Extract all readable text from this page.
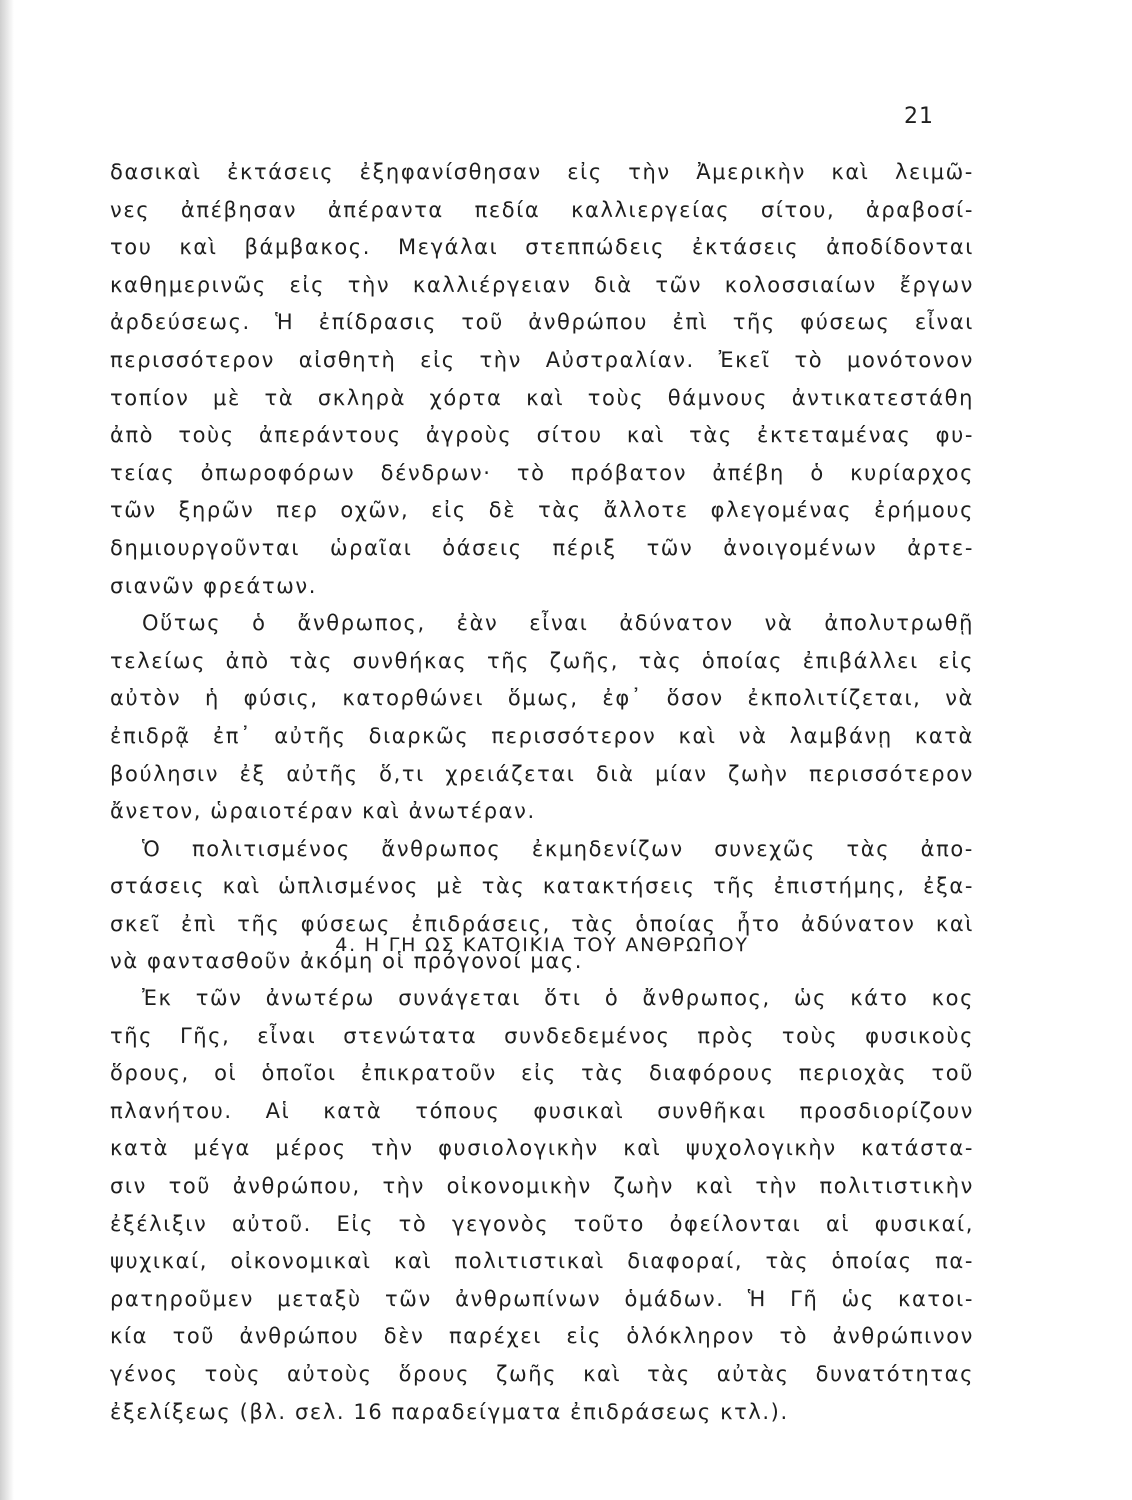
21
δασικαὶ ἐκτάσεις ἐξηφανίσθησαν εἰς τὴν Ἀμερικὴν καὶ λειμῶ-
νες ἀπέβησαν ἀπέραντα πεδία καλλιεργείας σίτου, ἀραβοσί-
του καὶ βάμβακος. Μεγάλαι στεππώδεις ἐκτάσεις ἀποδίδονται
καθημερινῶς εἰς τὴν καλλιέργειαν διὰ τῶν κολοσσιαίων ἔργων
ἀρδεύσεως. Ἡ ἐπίδρασις τοῦ ἀνθρώπου ἐπὶ τῆς φύσεως εἶναι
περισσότερον αἰσθητὴ εἰς τὴν Αὐστραλίαν. Ἐκεῖ τὸ μονότονον
τοπίον μὲ τὰ σκληρὰ χόρτα καὶ τοὺς θάμνους ἀντικατεστάθη
ἀπὸ τοὺς ἀπεράντους ἀγροὺς σίτου καὶ τὰς ἐκτεταμένας φυ-
τείας ὀπωροφόρων δένδρων· τὸ πρόβατον ἀπέβη ὁ κυρίαρχος
τῶν ξηρῶν περ οχῶν, εἰς δὲ τὰς ἄλλοτε φλεγομένας ἐρήμους
δημιουργοῦνται ὡραῖαι ὀάσεις πέριξ τῶν ἀνοιγομένων ἀρτε-
σιανῶν φρεάτων.
Οὕτως ὁ ἄνθρωπος, ἐὰν εἶναι ἀδύνατον νὰ ἀπολυτρωθῇ
τελείως ἀπὸ τὰς συνθήκας τῆς ζωῆς, τὰς ὁποίας ἐπιβάλλει εἰς
αὐτὸν ἡ φύσις, κατορθώνει ὅμως, ἐφ᾽ ὅσον ἐκπολιτίζεται, νὰ
ἐπιδρᾷ ἐπ᾽ αὐτῆς διαρκῶς περισσότερον καὶ νὰ λαμβάνῃ κατὰ
βούλησιν ἐξ αὐτῆς ὅ,τι χρειάζεται διὰ μίαν ζωὴν περισσότερον
ἄνετον, ὡραιοτέραν καὶ ἀνωτέραν.
Ὁ πολιτισμένος ἄνθρωπος ἐκμηδενίζων συνεχῶς τὰς ἀπο-
στάσεις καὶ ὡπλισμένος μὲ τὰς κατακτήσεις τῆς ἐπιστήμης, ἐξα-
σκεῖ ἐπὶ τῆς φύσεως ἐπιδράσεις, τὰς ὁποίας ἦτο ἀδύνατον καὶ
νὰ φαντασθοῦν ἀκόμη οἱ πρόγονοί μας.
4. Η ΓΗ ΩΣ ΚΑΤΟΙΚΙΑ ΤΟΥ ΑΝΘΡΩΠΟΥ
Ἐκ τῶν ἀνωτέρω συνάγεται ὅτι ὁ ἄνθρωπος, ὡς κάτο κος
τῆς Γῆς, εἶναι στενώτατα συνδεδεμένος πρὸς τοὺς φυσικοὺς
ὅρους, οἱ ὁποῖοι ἐπικρατοῦν εἰς τὰς διαφόρους περιοχὰς τοῦ
πλανήτου. Αἱ κατὰ τόπους φυσικαὶ συνθῆκαι προσδιορίζουν
κατὰ μέγα μέρος τὴν φυσιολογικὴν καὶ ψυχολογικὴν κατάστα-
σιν τοῦ ἀνθρώπου, τὴν οἰκονομικὴν ζωὴν καὶ τὴν πολιτιστικὴν
ἐξέλιξιν αὐτοῦ. Εἰς τὸ γεγονὸς τοῦτο ὀφείλονται αἱ φυσικαί,
ψυχικαί, οἰκονομικαὶ καὶ πολιτιστικαὶ διαφοραί, τὰς ὁποίας πα-
ρατηροῦμεν μεταξὺ τῶν ἀνθρωπίνων ὁμάδων. Ἡ Γῆ ὡς κατοι-
κία τοῦ ἀνθρώπου δὲν παρέχει εἰς ὁλόκληρον τὸ ἀνθρώπινον
γένος τοὺς αὐτοὺς ὅρους ζωῆς καὶ τὰς αὐτὰς δυνατότητας
ἐξελίξεως (βλ. σελ. 16 παραδείγματα ἐπιδράσεως κτλ.).
